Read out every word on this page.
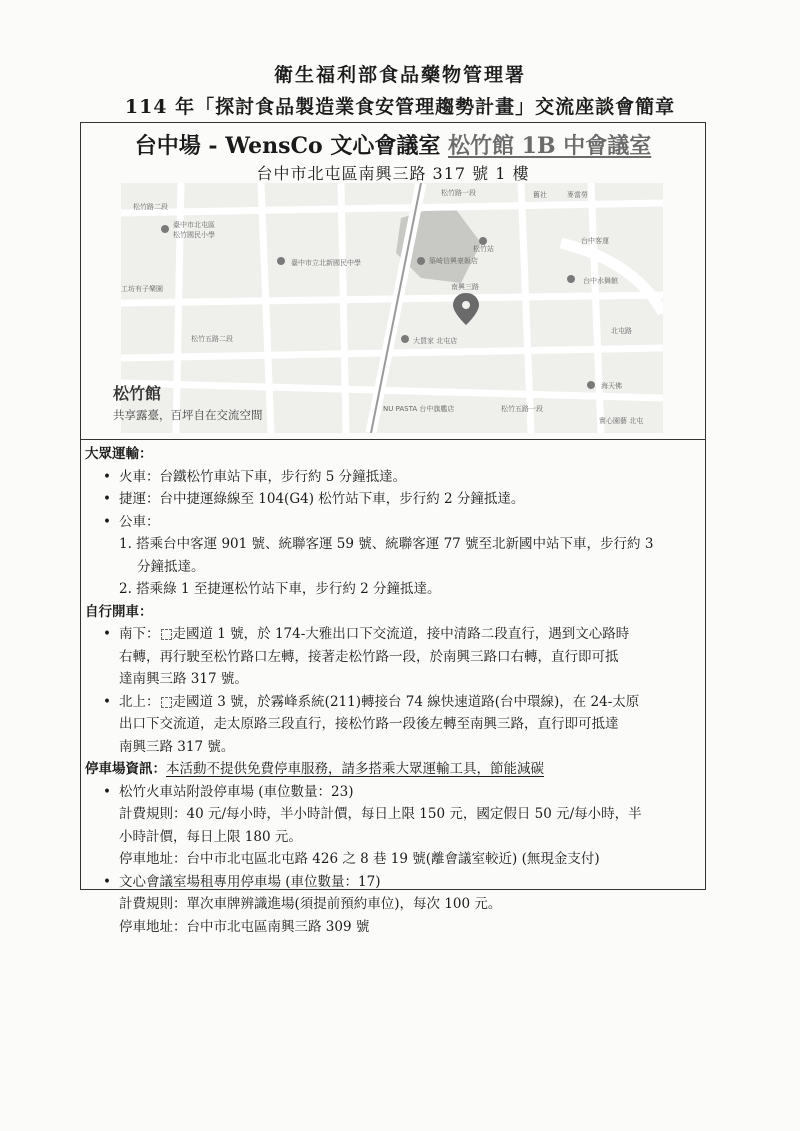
衛生福利部食品藥物管理署
114 年「探討食品製造業食安管理趨勢計畫」交流座談會簡章
台中場 - WensCo 文心會議室 松竹館 1B 中會議室
台中市北屯區南興三路 317 號 1 樓
松竹路二段
松竹路一段
松竹站
臺中市北屯區
松竹國民小學
臺中市立北新國民中學	築崎信興豪飯店
南興三路
大買家 北屯店
NU PASTA 台中旗艦店	松竹五路一段
松竹五路二段
台中水舞館
海天佛
實心園藝 北屯
工坊有子樂園
麥當勞
台中客運
北屯路
舊社
松竹館
共享露臺，百坪自在交流空間
大眾運輸：
• 火車：台鐵松竹車站下車，步行約 5 分鐘抵達。
• 捷運：台中捷運綠線至 104(G4) 松竹站下車，步行約 2 分鐘抵達。
• 公車：
1. 搭乘台中客運 901 號、統聯客運 59 號、統聯客運 77 號至北新國中站下車，步行約 3
分鐘抵達。
2. 搭乘綠 1 至捷運松竹站下車，步行約 2 分鐘抵達。
自行開車：
• 南下： 走國道 1 號，於 174-大雅出口下交流道，接中清路二段直行，遇到文心路時
右轉，再行駛至松竹路口左轉，接著走松竹路一段，於南興三路口右轉，直行即可抵
達南興三路 317 號。
• 北上： 走國道 3 號，於霧峰系統(211)轉接台 74 線快速道路(台中環線)，在 24-太原
出口下交流道，走太原路三段直行，接松竹路一段後左轉至南興三路，直行即可抵達
南興三路 317 號。
停車場資訊：本活動不提供免費停車服務，請多搭乘大眾運輸工具，節能減碳
• 松竹火車站附設停車場 (車位數量：23)
計費規則：40 元/每小時，半小時計價，每日上限 150 元，國定假日 50 元/每小時，半
小時計價，每日上限 180 元。
停車地址：台中市北屯區北屯路 426 之 8 巷 19 號(離會議室較近) (無現金支付)
• 文心會議室場租專用停車場 (車位數量：17)
計費規則：單次車牌辨識進場(須提前預約車位)，每次 100 元。
停車地址：台中市北屯區南興三路 309 號
